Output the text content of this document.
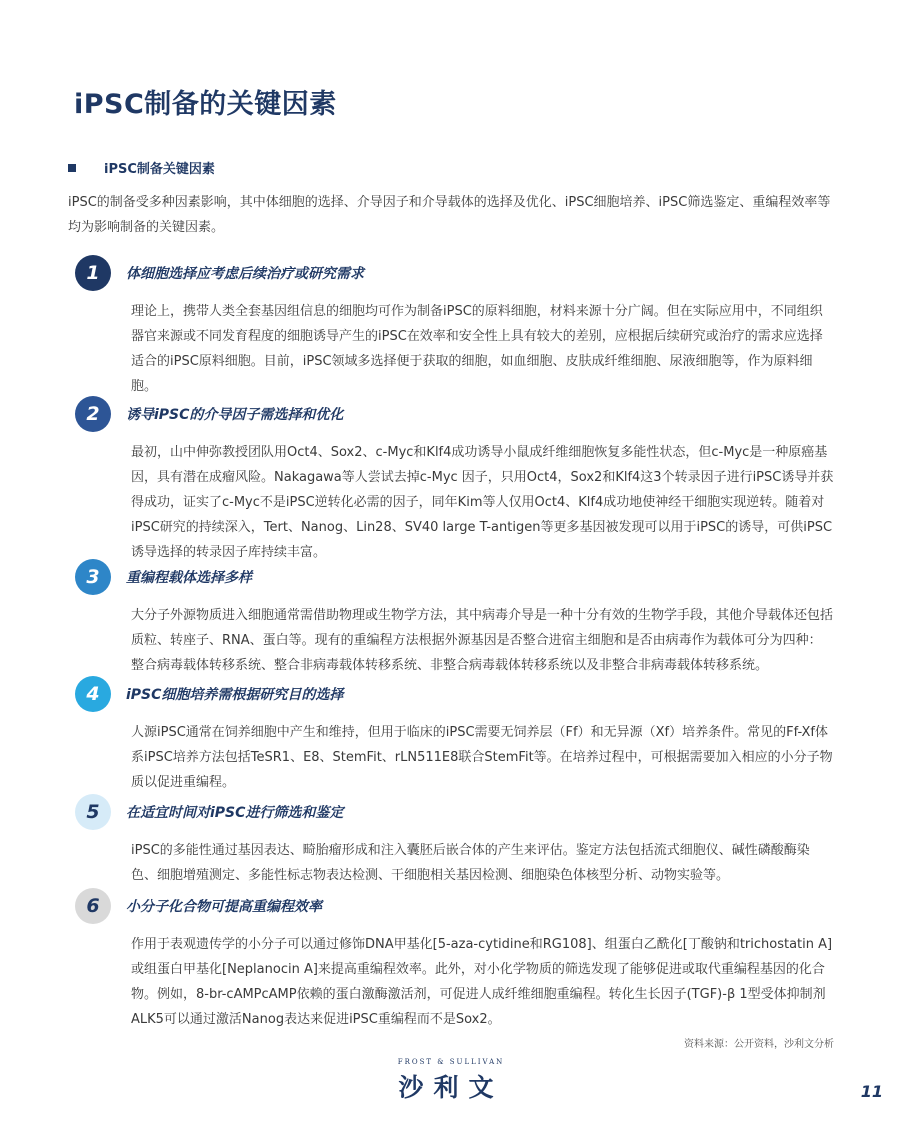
iPSC制备的关键因素
iPSC制备关键因素
iPSC的制备受多种因素影响，其中体细胞的选择、介导因子和介导载体的选择及优化、iPSC细胞培养、iPSC筛选鉴定、重编程效率等均为影响制备的关键因素。
1	体细胞选择应考虑后续治疗或研究需求
理论上，携带人类全套基因组信息的细胞均可作为制备iPSC的原料细胞，材料来源十分广阔。但在实际应用中，不同组织器官来源或不同发育程度的细胞诱导产生的iPSC在效率和安全性上具有较大的差别，应根据后续研究或治疗的需求应选择适合的iPSC原料细胞。目前，iPSC领域多选择便于获取的细胞，如血细胞、皮肤成纤维细胞、尿液细胞等，作为原料细胞。
2	诱导iPSC的介导因子需选择和优化
最初，山中伸弥教授团队用Oct4、Sox2、c-Myc和Klf4成功诱导小鼠成纤维细胞恢复多能性状态，但c-Myc是一种原癌基因，具有潜在成瘤风险。Nakagawa等人尝试去掉c-Myc 因子，只用Oct4，Sox2和Klf4这3个转录因子进行iPSC诱导并获得成功，证实了c-Myc不是iPSC逆转化必需的因子，同年Kim等人仅用Oct4、Klf4成功地使神经干细胞实现逆转。随着对iPSC研究的持续深入，Tert、Nanog、Lin28、SV40 large T-antigen等更多基因被发现可以用于iPSC的诱导，可供iPSC诱导选择的转录因子库持续丰富。
3	重编程载体选择多样
大分子外源物质进入细胞通常需借助物理或生物学方法，其中病毒介导是一种十分有效的生物学手段，其他介导载体还包括质粒、转座子、RNA、蛋白等。现有的重编程方法根据外源基因是否整合进宿主细胞和是否由病毒作为载体可分为四种：整合病毒载体转移系统、整合非病毒载体转移系统、非整合病毒载体转移系统以及非整合非病毒载体转移系统。
4	iPSC细胞培养需根据研究目的选择
人源iPSC通常在饲养细胞中产生和维持，但用于临床的iPSC需要无饲养层（Ff）和无异源（Xf）培养条件。常见的Ff-Xf体系iPSC培养方法包括TeSR1、E8、StemFit、rLN511E8联合StemFit等。在培养过程中，可根据需要加入相应的小分子物质以促进重编程。
5	在适宜时间对iPSC进行筛选和鉴定
iPSC的多能性通过基因表达、畸胎瘤形成和注入囊胚后嵌合体的产生来评估。鉴定方法包括流式细胞仪、碱性磷酸酶染色、细胞增殖测定、多能性标志物表达检测、干细胞相关基因检测、细胞染色体核型分析、动物实验等。
6	小分子化合物可提高重编程效率
作用于表观遗传学的小分子可以通过修饰DNA甲基化[5-aza-cytidine和RG108]、组蛋白乙酰化[丁酸钠和trichostatin A]或组蛋白甲基化[Neplanocin A]来提高重编程效率。此外，对小化学物质的筛选发现了能够促进或取代重编程基因的化合物。例如，8-br-cAMPcAMP依赖的蛋白激酶激活剂，可促进人成纤维细胞重编程。转化生长因子(TGF)-β 1型受体抑制剂ALK5可以通过激活Nanog表达来促进iPSC重编程而不是Sox2。
资料来源：公开资料，沙利文分析
FROST & SULLIVAN
沙利文	11
